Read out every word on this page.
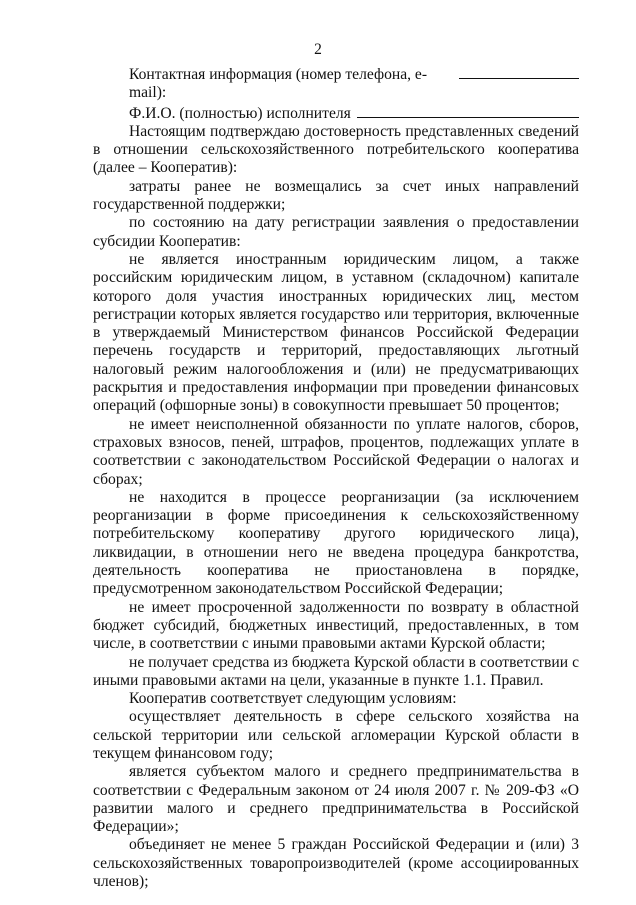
2
Контактная информация (номер телефона, e-mail):
Ф.И.О. (полностью) исполнителя

Настоящим подтверждаю достоверность представленных сведений в отношении сельскохозяйственного потребительского кооператива (далее – Кооператив):

затраты ранее не возмещались за счет иных направлений государственной поддержки;

по состоянию на дату регистрации заявления о предоставлении субсидии Кооператив:

не является иностранным юридическим лицом, а также российским юридическим лицом, в уставном (складочном) капитале которого доля участия иностранных юридических лиц, местом регистрации которых является государство или территория, включенные в утверждаемый Министерством финансов Российской Федерации перечень государств и территорий, предоставляющих льготный налоговый режим налогообложения и (или) не предусматривающих раскрытия и предоставления информации при проведении финансовых операций (офшорные зоны) в совокупности превышает 50 процентов;

не имеет неисполненной обязанности по уплате налогов, сборов, страховых взносов, пеней, штрафов, процентов, подлежащих уплате в соответствии с законодательством Российской Федерации о налогах и сборах;

не находится в процессе реорганизации (за исключением реорганизации в форме присоединения к сельскохозяйственному потребительскому кооперативу другого юридического лица), ликвидации, в отношении него не введена процедура банкротства, деятельность кооператива не приостановлена в порядке, предусмотренном законодательством Российской Федерации;

не имеет просроченной задолженности по возврату в областной бюджет субсидий, бюджетных инвестиций, предоставленных, в том числе, в соответствии с иными правовыми актами Курской области;

не получает средства из бюджета Курской области в соответствии с иными правовыми актами на цели, указанные в пункте 1.1. Правил.

Кооператив соответствует следующим условиям:

осуществляет деятельность в сфере сельского хозяйства на сельской территории или сельской агломерации Курской области в текущем финансовом году;

является субъектом малого и среднего предпринимательства в соответствии с Федеральным законом от 24 июля 2007 г. № 209-ФЗ «О развитии малого и среднего предпринимательства в Российской Федерации»;

объединяет не менее 5 граждан Российской Федерации и (или) 3 сельскохозяйственных товаропроизводителей (кроме ассоциированных членов);
